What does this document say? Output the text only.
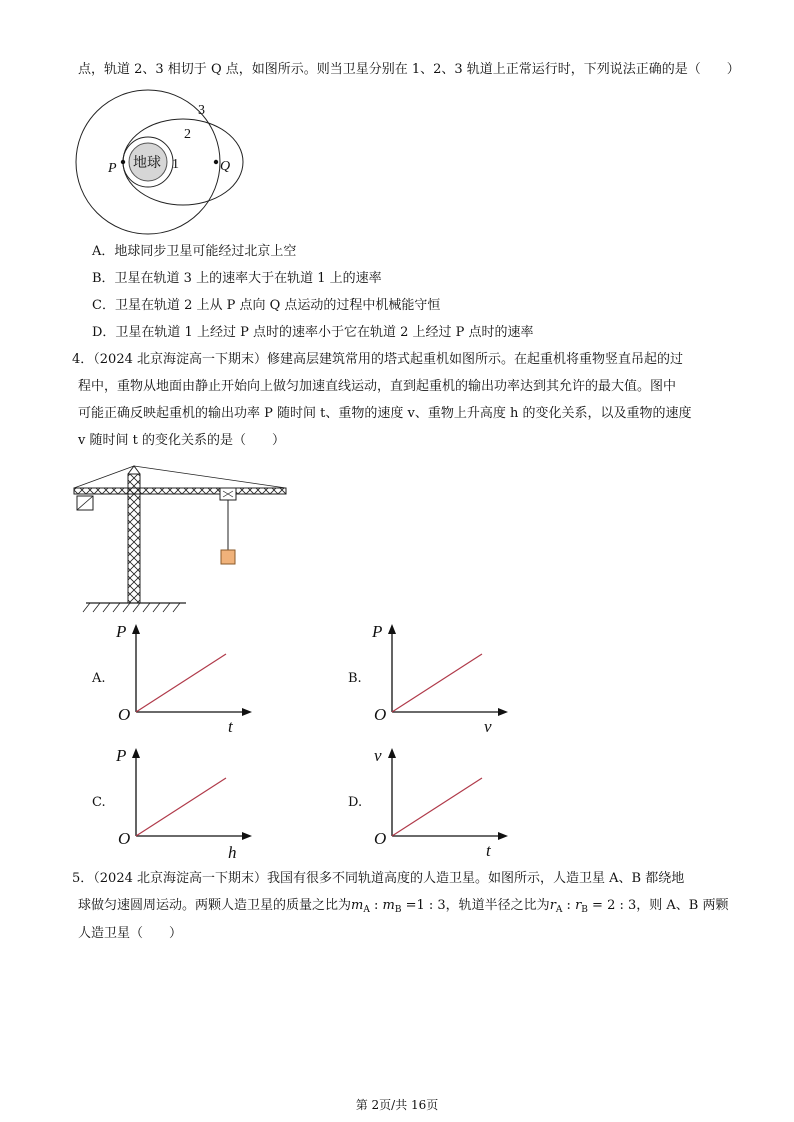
点，轨道 2、3 相切于 Q 点，如图所示。则当卫星分别在 1、2、3 轨道上正常运行时，下列说法正确的是（　　）
地球
P	Q
1
2
3
A．地球同步卫星可能经过北京上空
B．卫星在轨道 3 上的速率大于在轨道 1 上的速率
C．卫星在轨道 2 上从 P 点向 Q 点运动的过程中机械能守恒
D．卫星在轨道 1 上经过 P 点时的速率小于它在轨道 2 上经过 P 点时的速率
4．（2024 北京海淀高一下期末）修建高层建筑常用的塔式起重机如图所示。在起重机将重物竖直吊起的过
程中，重物从地面由静止开始向上做匀加速直线运动，直到起重机的输出功率达到其允许的最大值。图中
可能正确反映起重机的输出功率 P 随时间 t、重物的速度 v、重物上升高度 h 的变化关系，以及重物的速度
v 随时间 t 的变化关系的是（　　）
A.
P
O
t
B.
P
O
v
C.
P
O
h
D.
v
O
t
5．（2024 北京海淀高一下期末）我国有很多不同轨道高度的人造卫星。如图所示，人造卫星 A、B 都绕地
球做匀速圆周运动。两颗人造卫星的质量之比为$m_A$ : $m_B =1$ : 3，轨道半径之比为$r_A$ : $r_B = 2$ : 3，则 A、B 两颗
人造卫星（　　）
第 2页/共 16页
